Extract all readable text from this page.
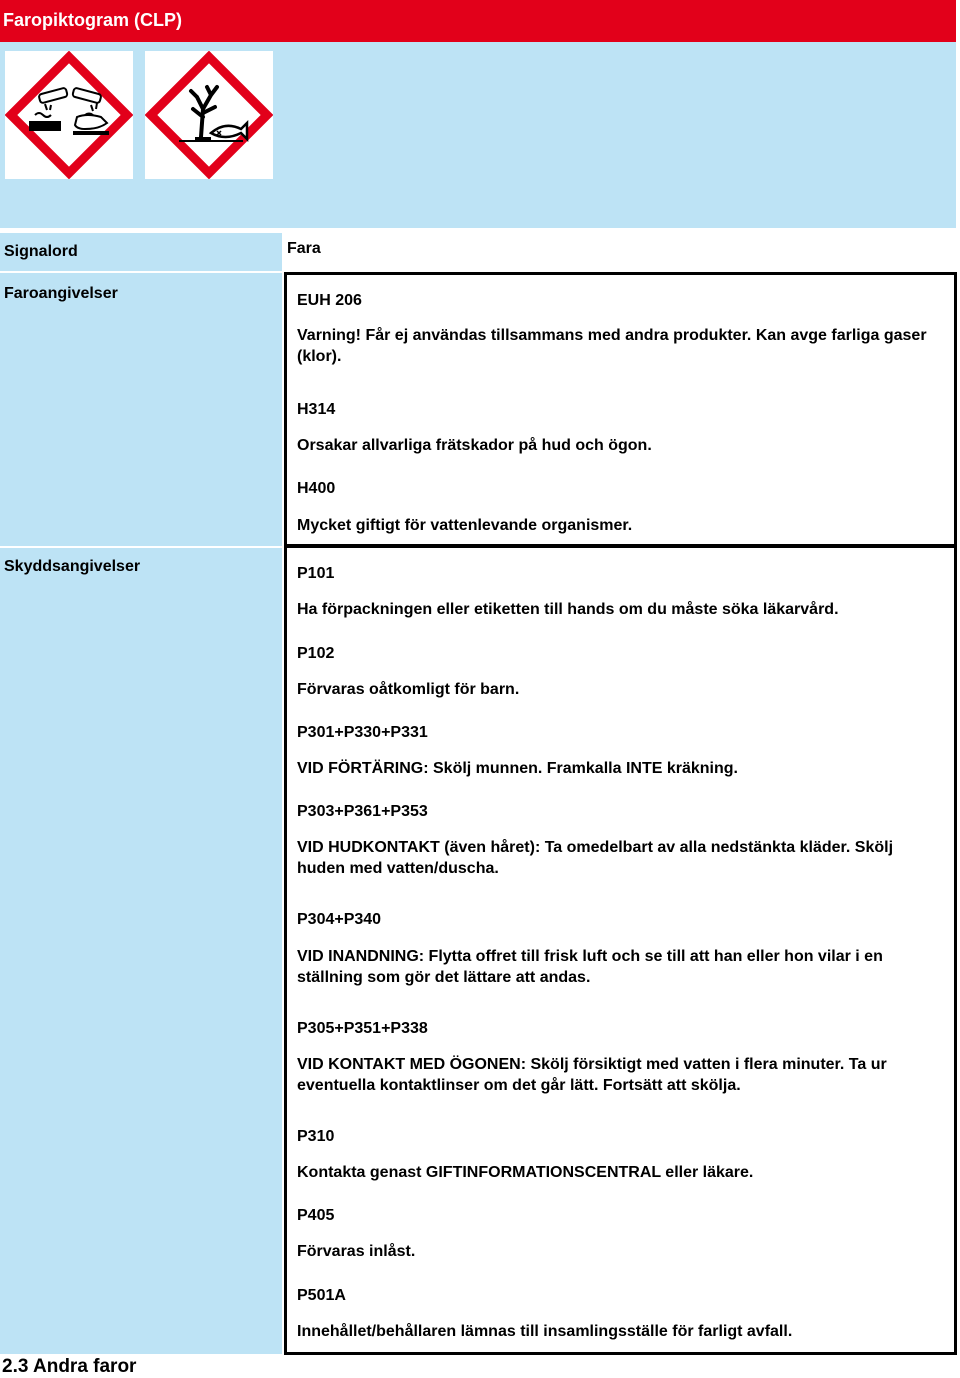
Faropiktogram (CLP)
Signalord	Fara
Faroangivelser	EUH 206

Varning! Får ej användas tillsammans med andra produkter. Kan avge farliga gaser (klor).

H314

Orsakar allvarliga frätskador på hud och ögon.

H400

Mycket giftigt för vattenlevande organismer.

Skyddsangivelser	P101

Ha förpackningen eller etiketten till hands om du måste söka läkarvård.

P102

Förvaras oåtkomligt för barn.

P301+P330+P331

VID FÖRTÄRING: Skölj munnen. Framkalla INTE kräkning.

P303+P361+P353

VID HUDKONTAKT (även håret): Ta omedelbart av alla nedstänkta kläder. Skölj huden med vatten/duscha.

P304+P340

VID INANDNING: Flytta offret till frisk luft och se till att han eller hon vilar i en ställning som gör det lättare att andas.

P305+P351+P338

VID KONTAKT MED ÖGONEN: Skölj försiktigt med vatten i flera minuter. Ta ur eventuella kontaktlinser om det går lätt. Fortsätt att skölja.

P310

Kontakta genast GIFTINFORMATIONSCENTRAL eller läkare.

P405

Förvaras inlåst.

P501A

Innehållet/behållaren lämnas till insamlingsställe för farligt avfall.

2.3 Andra faror
